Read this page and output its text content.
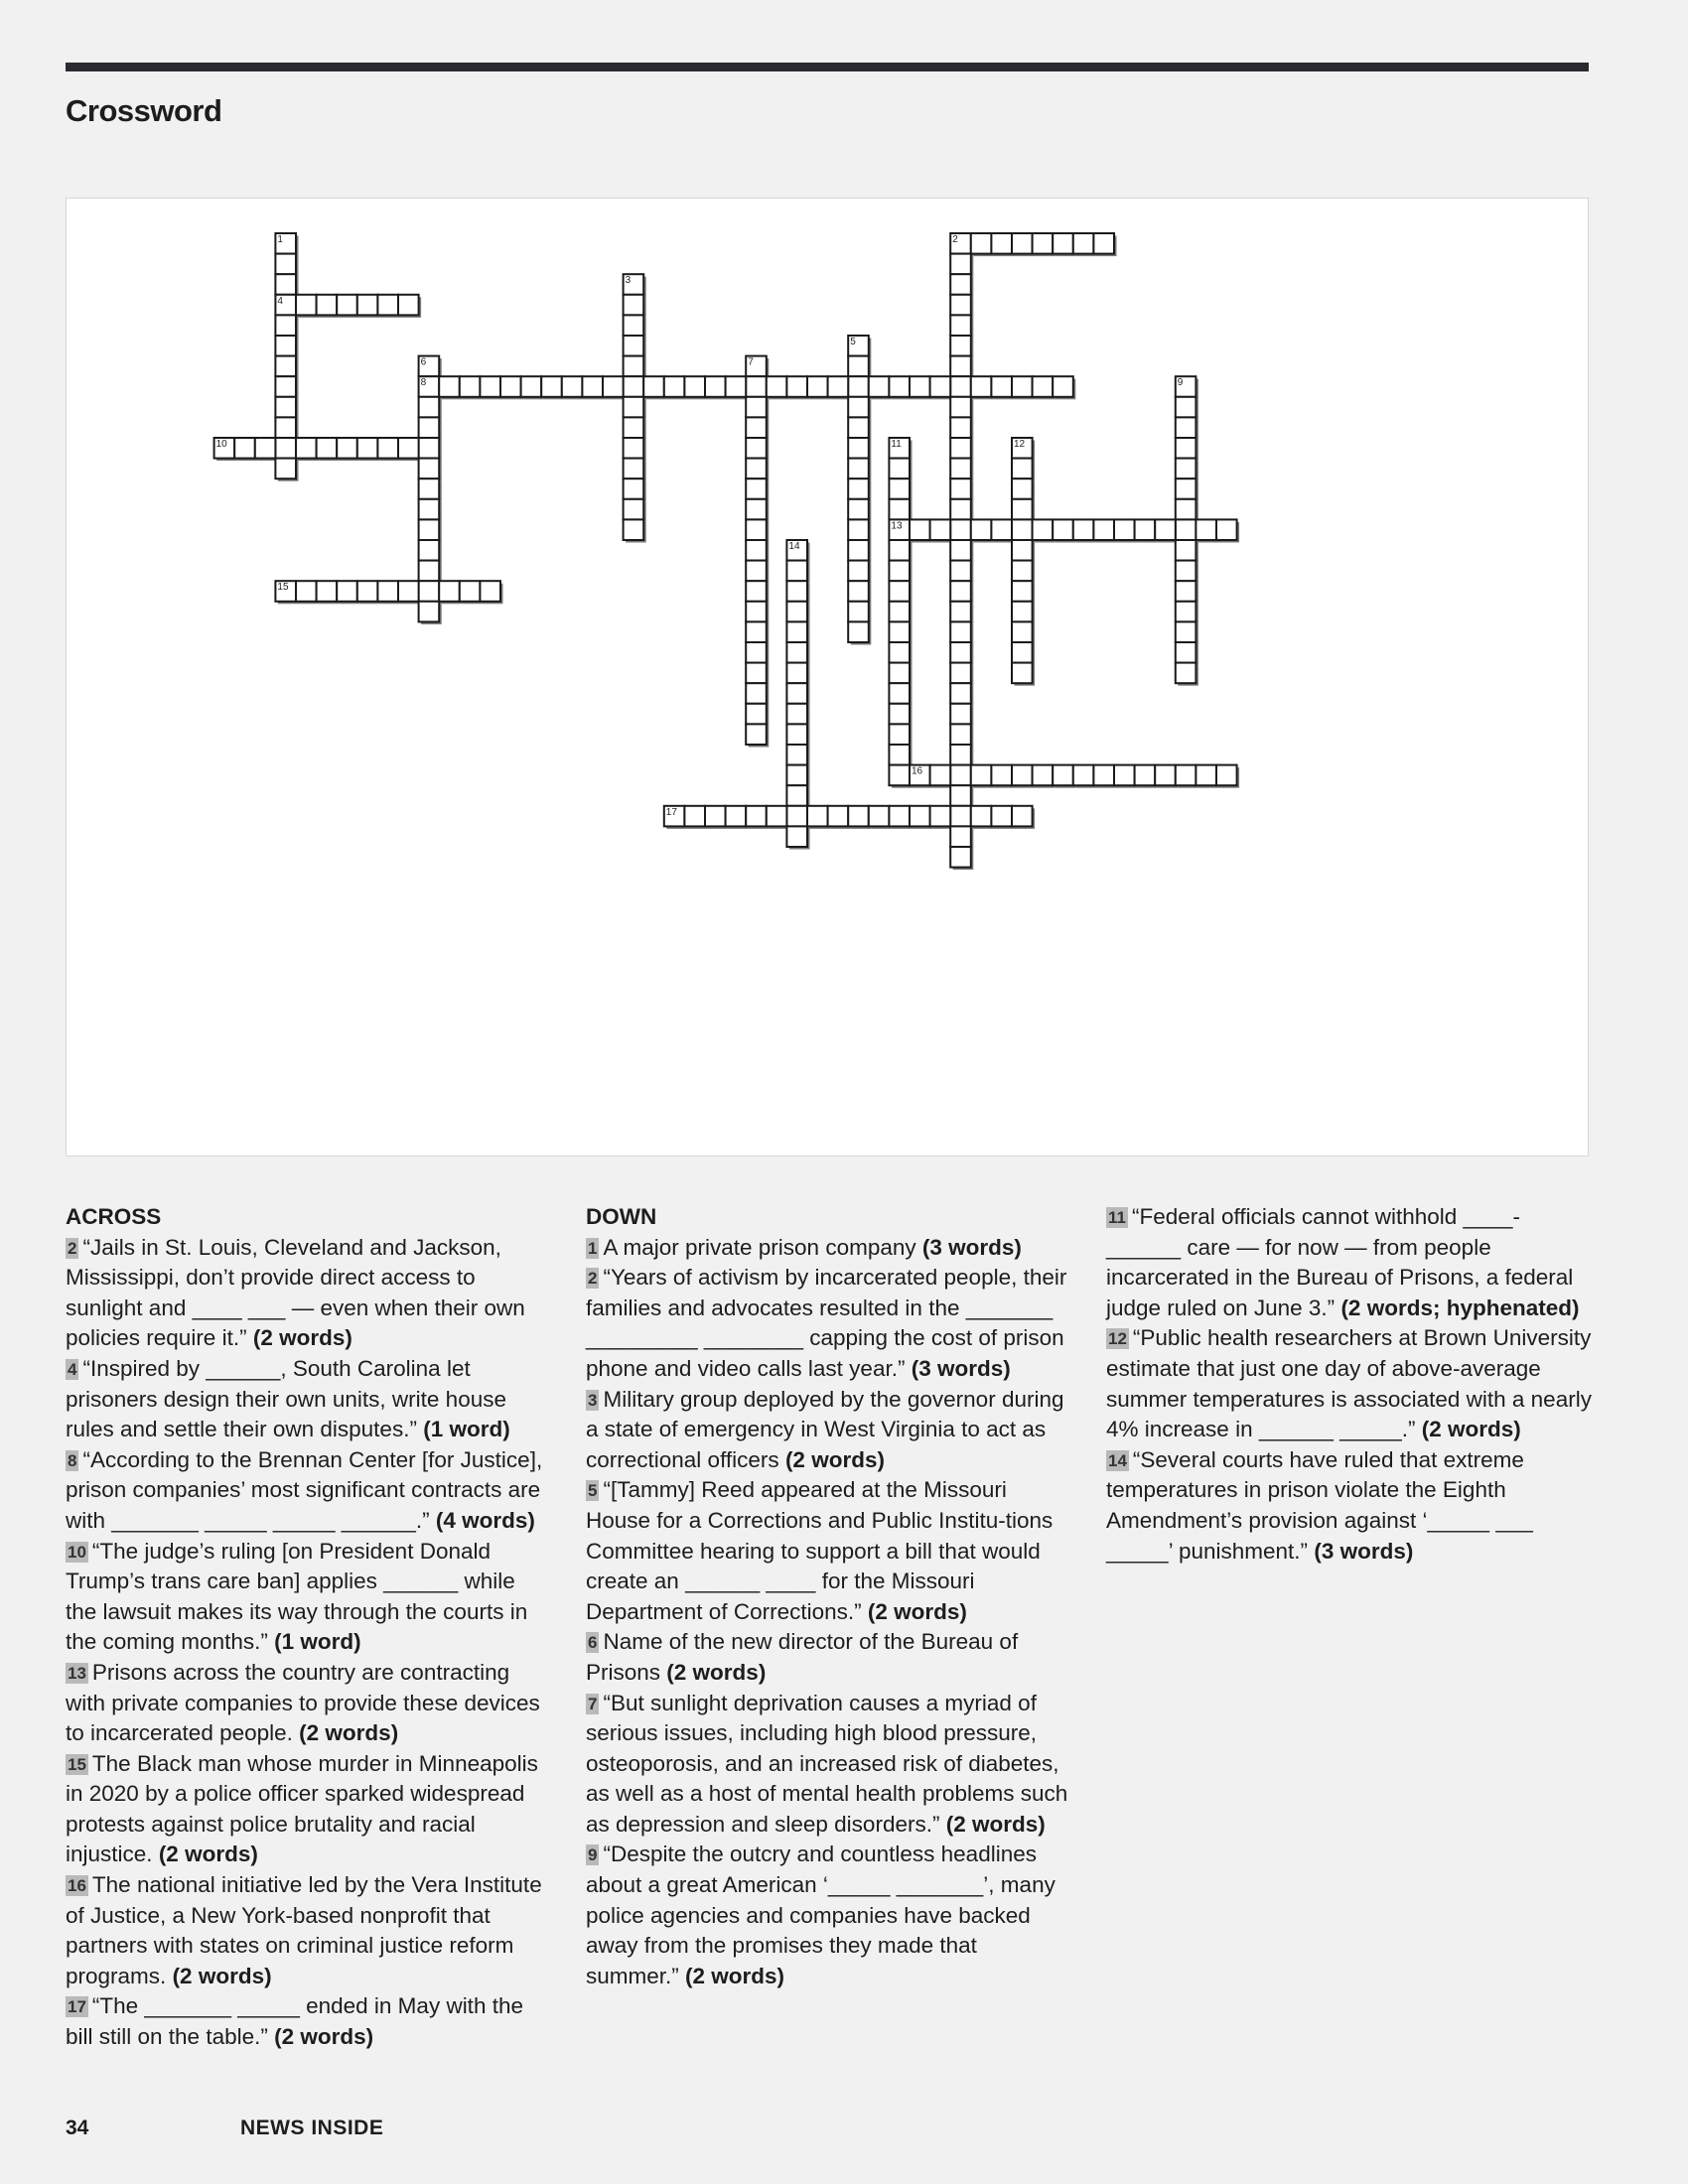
Crossword
1	2
3
4
5
6	7
8	9
10	11	12
13
14
15
16
17
ACROSS

2 “Jails in St. Louis, Cleveland and Jackson, Mississippi, don’t provide direct access to sunlight and ____ ___ — even when their own policies require it.” (2 words)

4 “Inspired by ______, South Carolina let prisoners design their own units, write house rules and settle their own disputes.” (1 word)

8 “According to the Brennan Center [for Justice], prison companies’ most significant contracts are with _______ _____ _____ ______.” (4 words)

10 “The judge’s ruling [on President Donald Trump’s trans care ban] applies ______ while the lawsuit makes its way through the courts in the coming months.” (1 word)

13 Prisons across the country are contracting with private companies to provide these devices to incarcerated people. (2 words)

15 The Black man whose murder in Minneapolis in 2020 by a police officer sparked widespread protests against police brutality and racial injustice. (2 words)

16 The national initiative led by the Vera Institute of Justice, a New York-based nonprofit that partners with states on criminal justice reform programs. (2 words)

17 “The _______ _____ ended in May with the bill still on the table.” (2 words)

DOWN

1 A major private prison company (3 words)

2 “Years of activism by incarcerated people, their families and advocates resulted in the _______ _________ ________ capping the cost of prison phone and video calls last year.” (3 words)

3 Military group deployed by the governor during a state of emergency in West Virginia to act as correctional officers (2 words)

5 “[Tammy] Reed appeared at the Missouri House for a Corrections and Public Institu-tions Committee hearing to support a bill that would create an ______ ____ for the Missouri Department of Corrections.” (2 words)

6 Name of the new director of the Bureau of Prisons (2 words)

7 “But sunlight deprivation causes a myriad of serious issues, including high blood pressure, osteoporosis, and an increased risk of diabetes, as well as a host of mental health problems such as depression and sleep disorders.” (2 words)

9 “Despite the outcry and countless headlines about a great American ‘_____ _______’, many police agencies and companies have backed away from the promises they made that summer.” (2 words)

11 “Federal officials cannot withhold ____-______ care — for now — from people incarcerated in the Bureau of Prisons, a federal judge ruled on June 3.” (2 words; hyphenated)

12 “Public health researchers at Brown University estimate that just one day of above-average summer temperatures is associated with a nearly 4% increase in ______ _____.” (2 words)

14 “Several courts have ruled that extreme temperatures in prison violate the Eighth Amendment’s provision against ‘_____ ___ _____’ punishment.” (3 words)

34	NEWS INSIDE
